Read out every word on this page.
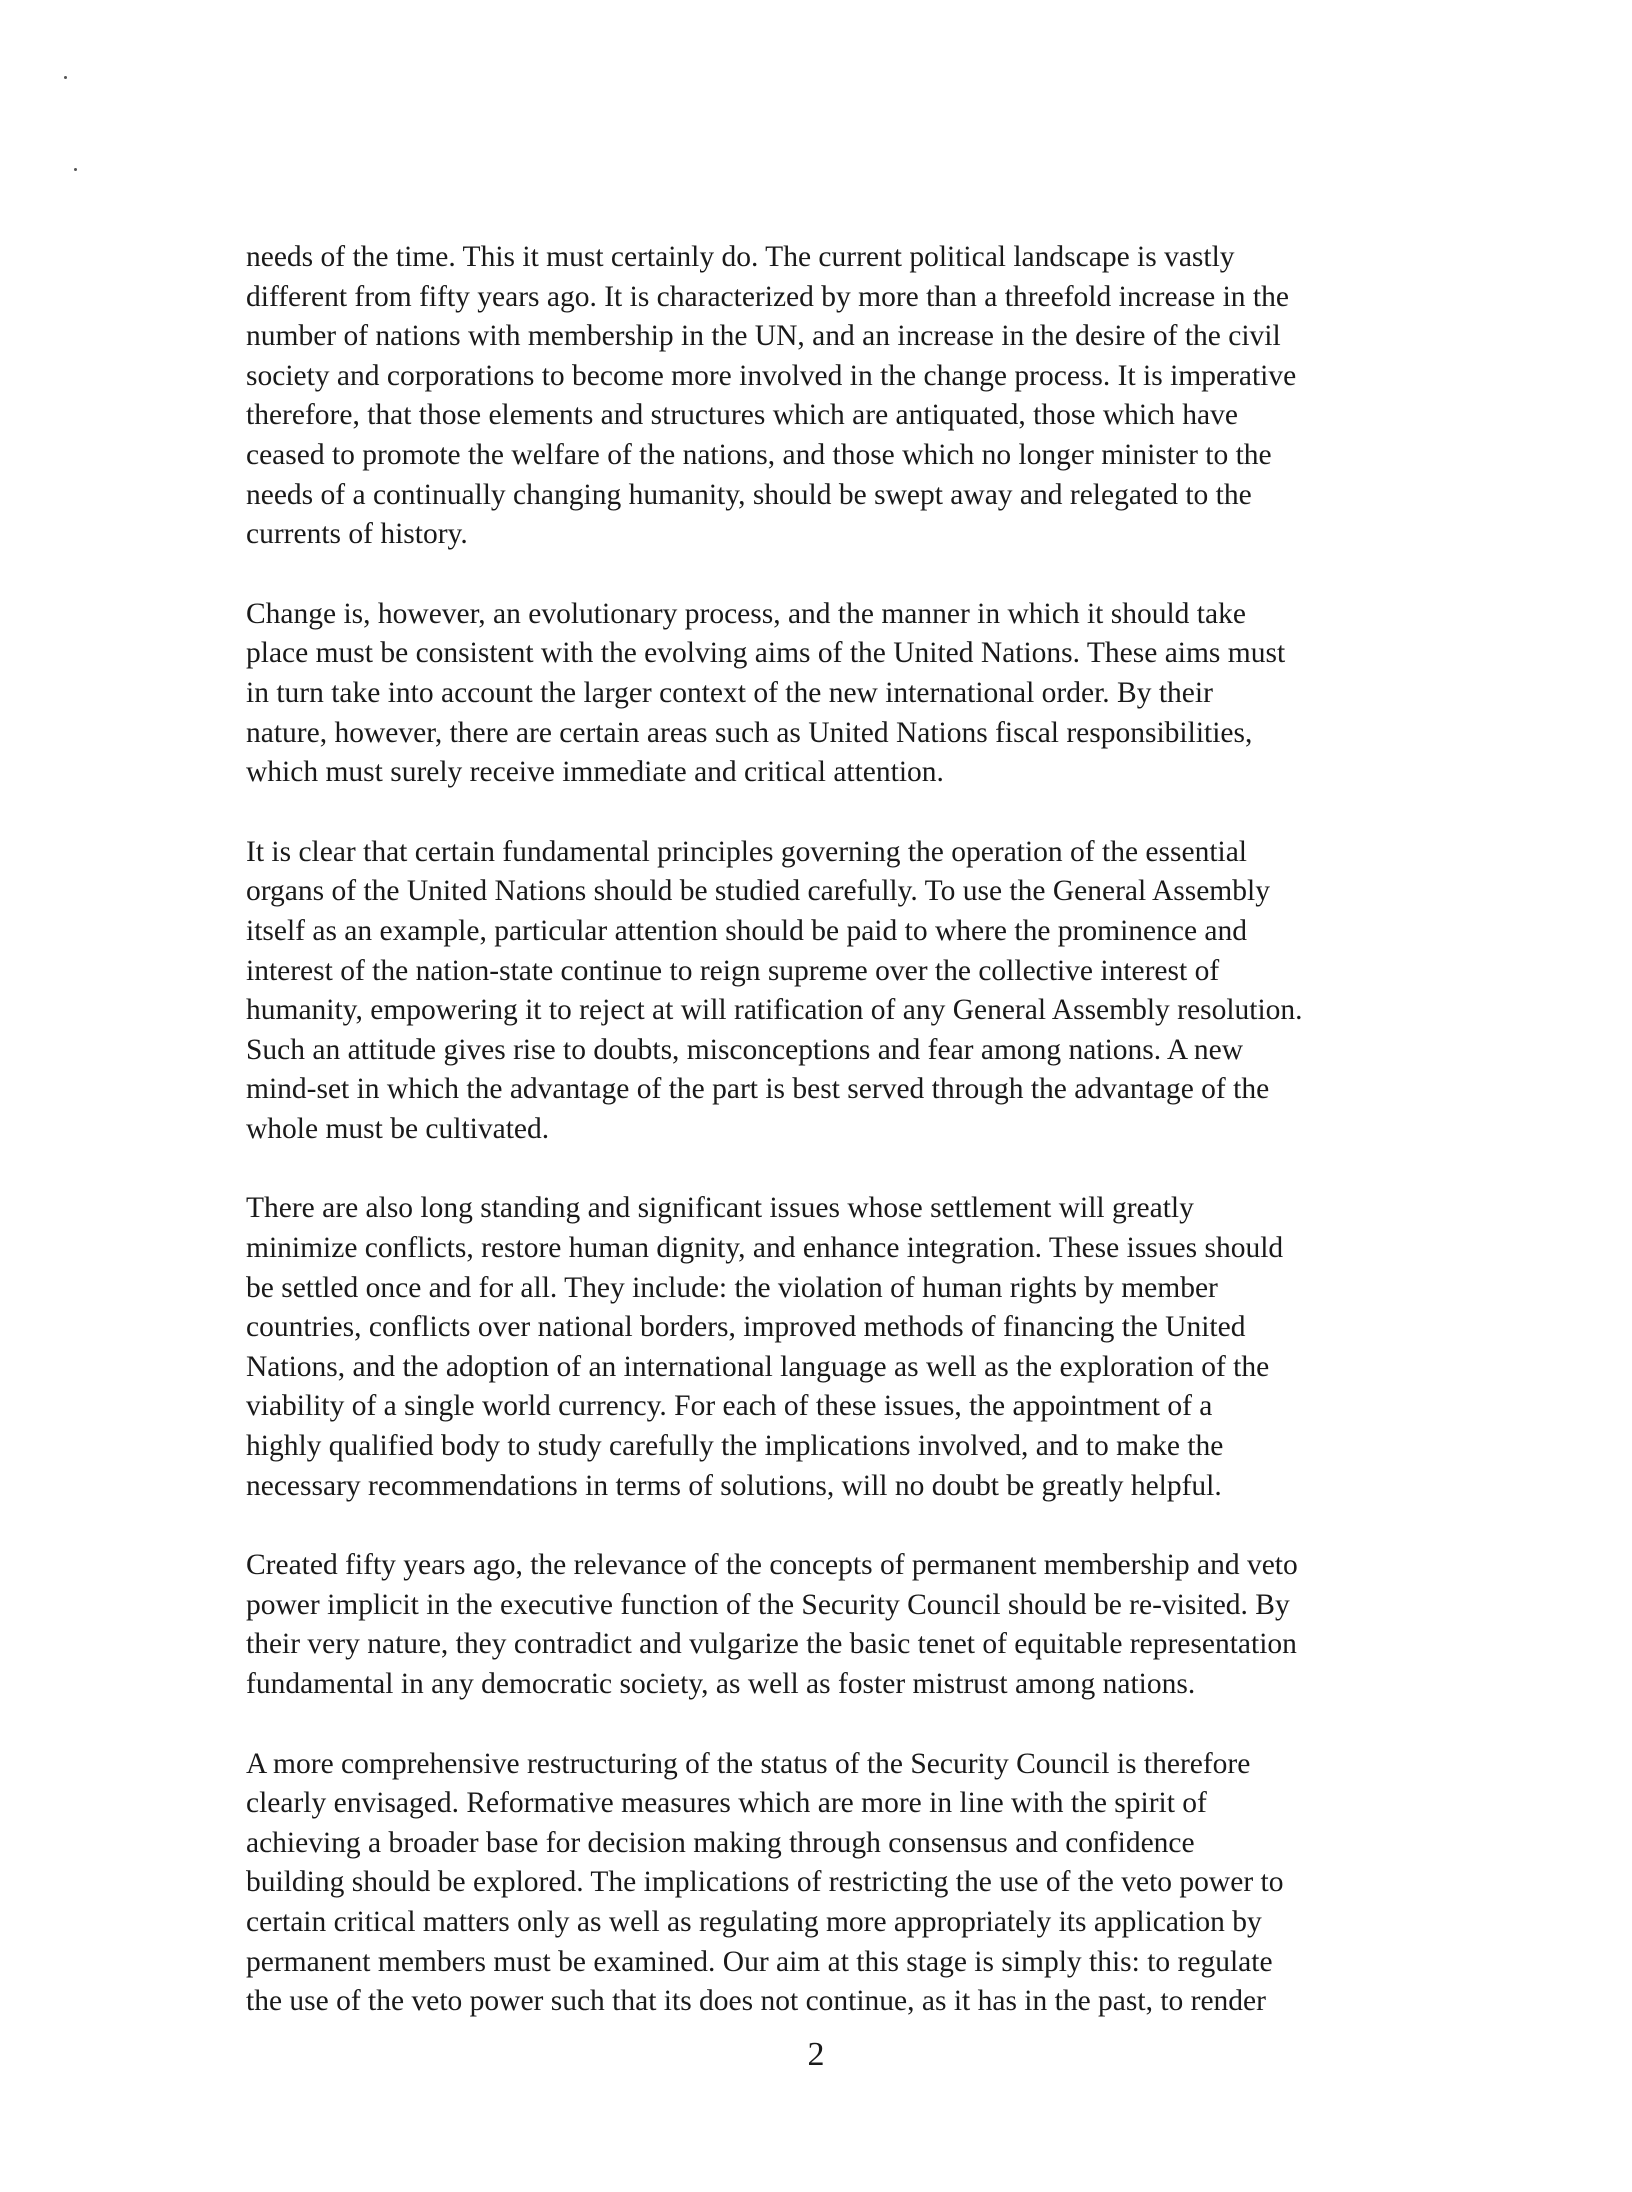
needs of the time. This it must certainly do. The current political landscape is vastly
different from fifty years ago. It is characterized by more than a threefold increase in the
number of nations with membership in the UN, and an increase in the desire of the civil
society and corporations to become more involved in the change process. It is imperative
therefore, that those elements and structures which are antiquated, those which have
ceased to promote the welfare of the nations, and those which no longer minister to the
needs of a continually changing humanity, should be swept away and relegated to the
currents of history.

Change is, however, an evolutionary process, and the manner in which it should take
place must be consistent with the evolving aims of the United Nations. These aims must
in turn take into account the larger context of the new international order. By their
nature, however, there are certain areas such as United Nations fiscal responsibilities,
which must surely receive immediate and critical attention.

It is clear that certain fundamental principles governing the operation of the essential
organs of the United Nations should be studied carefully. To use the General Assembly
itself as an example, particular attention should be paid to where the prominence and
interest of the nation-state continue to reign supreme over the collective interest of
humanity, empowering it to reject at will ratification of any General Assembly resolution.
Such an attitude gives rise to doubts, misconceptions and fear among nations. A new
mind-set in which the advantage of the part is best served through the advantage of the
whole must be cultivated.

There are also long standing and significant issues whose settlement will greatly
minimize conflicts, restore human dignity, and enhance integration. These issues should
be settled once and for all. They include: the violation of human rights by member
countries, conflicts over national borders, improved methods of financing the United
Nations, and the adoption of an international language as well as the exploration of the
viability of a single world currency. For each of these issues, the appointment of a
highly qualified body to study carefully the implications involved, and to make the
necessary recommendations in terms of solutions, will no doubt be greatly helpful.

Created fifty years ago, the relevance of the concepts of permanent membership and veto
power implicit in the executive function of the Security Council should be re-visited. By
their very nature, they contradict and vulgarize the basic tenet of equitable representation
fundamental in any democratic society, as well as foster mistrust among nations.

A more comprehensive restructuring of the status of the Security Council is therefore
clearly envisaged. Reformative measures which are more in line with the spirit of
achieving a broader base for decision making through consensus and confidence
building should be explored. The implications of restricting the use of the veto power to
certain critical matters only as well as regulating more appropriately its application by
permanent members must be examined. Our aim at this stage is simply this: to regulate
the use of the veto power such that its does not continue, as it has in the past, to render

2
